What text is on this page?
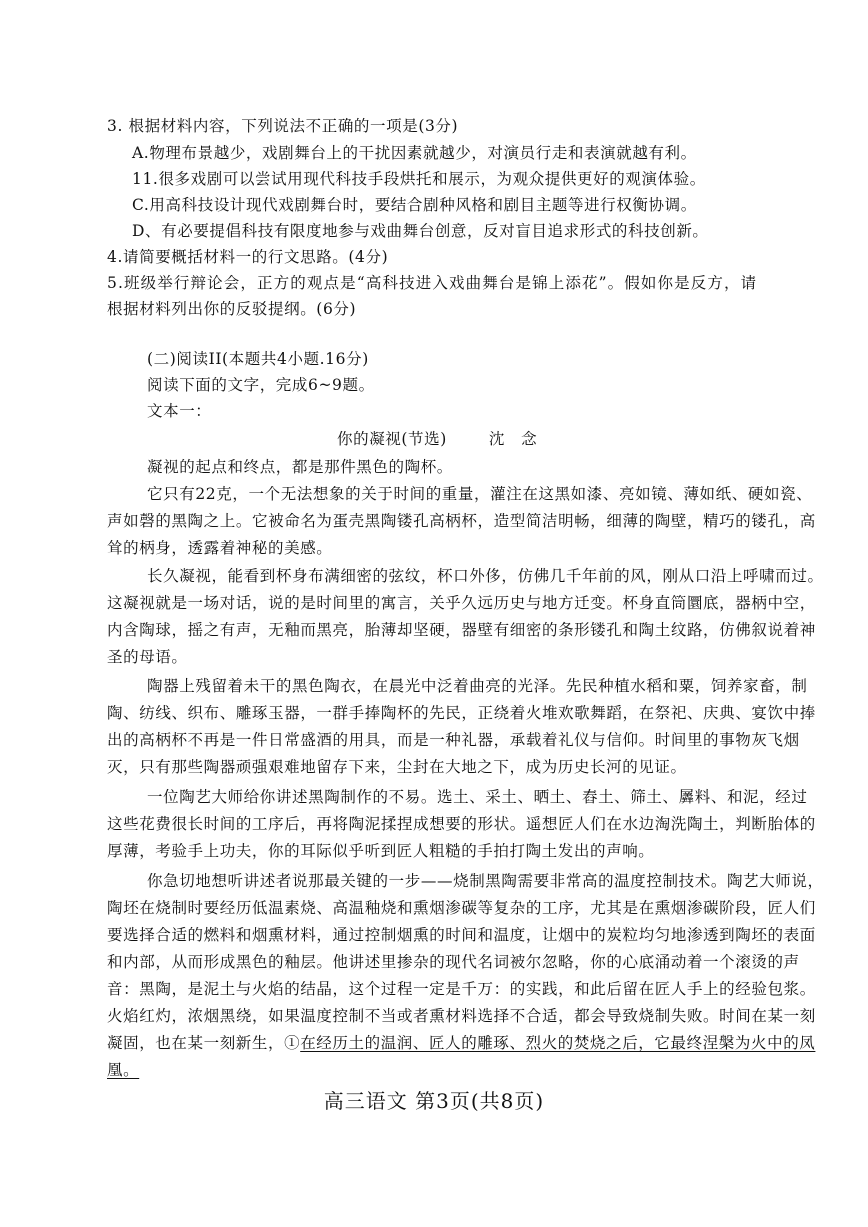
3. 根据材料内容，下列说法不正确的一项是(3分)
A.物理布景越少，戏剧舞台上的干扰因素就越少，对演员行走和表演就越有利。
11.很多戏剧可以尝试用现代科技手段烘托和展示，为观众提供更好的观演体验。
C.用高科技设计现代戏剧舞台时，要结合剧种风格和剧目主题等进行权衡协调。
D、有必要提倡科技有限度地参与戏曲舞台创意，反对盲目追求形式的科技创新。
4.请简要概括材料一的行文思路。(4分)
5 . 班 级 举 行 辩 论 会 ， 正 方 的 观 点 是 “ 高 科 技 进 入 戏 曲 舞 台 是 锦 上 添 花 ” 。 假 如 你 是 反 方 ， 请
根据材料列出你的反驳提纲。(6分)
(二)阅读II(本题共4小题.16分)
阅读下面的文字，完成6~9题。
文本一：
你的凝视(节选)	沈　念
凝视的起点和终点，都是那件黑色的陶杯。
它 只 有 2 2 克 ， 一 个 无 法 想 象 的 关 于 时 间 的 重 量 ， 灌 注 在 这 黑 如 漆 、 亮 如 镜 、 薄 如 纸 、 硬 如 瓷 、
声 如 磬 的 黑 陶 之 上 。 它 被 命 名 为 蛋 壳 黑 陶 镂 孔 高 柄 杯 ， 造 型 简 洁 明 畅 ， 细 薄 的 陶 壁 ， 精 巧 的 镂 孔 ， 高
耸的柄身，透露着神秘的美感。
长 久 凝 视 ， 能 看 到 杯 身 布 满 细 密 的 弦 纹 ， 杯 口 外 侈 ， 仿 佛 几 千 年 前 的 风 ， 刚 从 口 沿 上 呼 啸 而 过 。
这 凝 视 就 是 一 场 对 话 ， 说 的 是 时 间 里 的 寓 言 ， 关 乎 久 远 历 史 与 地 方 迁 变 。 杯 身 直 筒 圜 底 ， 器 柄 中 空 ，
内 含 陶 球 ， 摇 之 有 声 ， 无 釉 而 黑 亮 ， 胎 薄 却 坚 硬 ， 器 壁 有 细 密 的 条 形 镂 孔 和 陶 土 纹 路 ， 仿 佛 叙 说 着 神
圣的母语。
陶 器 上 残 留 着 未 干 的 黑 色 陶 衣 ， 在 晨 光 中 泛 着 曲 亮 的 光 泽 。 先 民 种 植 水 稻 和 粟 ， 饲 养 家 畜 ， 制
陶 、 纺 线 、 织 布 、 雕 琢 玉 器 ， 一 群 手 捧 陶 杯 的 先 民 ， 正 绕 着 火 堆 欢 歌 舞 蹈 ， 在 祭 祀 、 庆 典 、 宴 饮 中 捧
出 的 高 柄 杯 不 再 是 一 件 日 常 盛 酒 的 用 具 ， 而 是 一 种 礼 器 ， 承 载 着 礼 仪 与 信 仰 。 时 间 里 的 事 物 灰 飞 烟
灭，只有那些陶器顽强艰难地留存下来，尘封在大地之下，成为历史长河的见证。
一 位 陶 艺 大 师 给 你 讲 述 黑 陶 制 作 的 不 易 。 选 土 、 采 土 、 晒 土 、 舂 土 、 筛 土 、 羼 料 、 和 泥 ， 经 过
这 些 花 费 很 长 时 间 的 工 序 后 ， 再 将 陶 泥 揉 捏 成 想 要 的 形 状 。 遥 想 匠 人 们 在 水 边 淘 洗 陶 土 ， 判 断 胎 体 的
厚薄，考验手上功夫，你的耳际似乎听到匠人粗糙的手拍打陶土发出的声响。
你 急 切 地 想 听 讲 述 者 说 那 最 关 键 的 一 步 — — 烧 制 黑 陶 需 要 非 常 高 的 温 度 控 制 技 术 。 陶 艺 大 师 说 ，
陶 坯 在 烧 制 时 要 经 历 低 温 素 烧 、 高 温 釉 烧 和 熏 烟 渗 碳 等 复 杂 的 工 序 ， 尤 其 是 在 熏 烟 渗 碳 阶 段 ， 匠 人 们
要 选 择 合 适 的 燃 料 和 烟 熏 材 料 ， 通 过 控 制 烟 熏 的 时 间 和 温 度 ， 让 烟 中 的 炭 粒 均 匀 地 渗 透 到 陶 坯 的 表 面
和 内 部 ， 从 而 形 成 黑 色 的 釉 层 。 他 讲 述 里 掺 杂 的 现 代 名 词 被 尔 忽 略 ， 你 的 心 底 涌 动 着 一 个 滚 烫 的 声
音 ： 黑 陶 ， 是 泥 土 与 火 焰 的 结 晶 ， 这 个 过 程 一 定 是 千 万 ： 的 实 践 ， 和 此 后 留 在 匠 人 手 上 的 经 验 包 浆 。
火 焰 红 灼 ， 浓 烟 黑 绕 ， 如 果 温 度 控 制 不 当 或 者 熏 材 料 选 择 不 合 适 ， 都 会 导 致 烧 制 失 败 。 时 间 在 某 一 刻
凝固，也在某一刻新生，① 在经历土的温润、匠人的雕琢、烈火的焚烧之后，它最终涅槃为火中的凤
凰。
高三语文 第3页(共8页)
